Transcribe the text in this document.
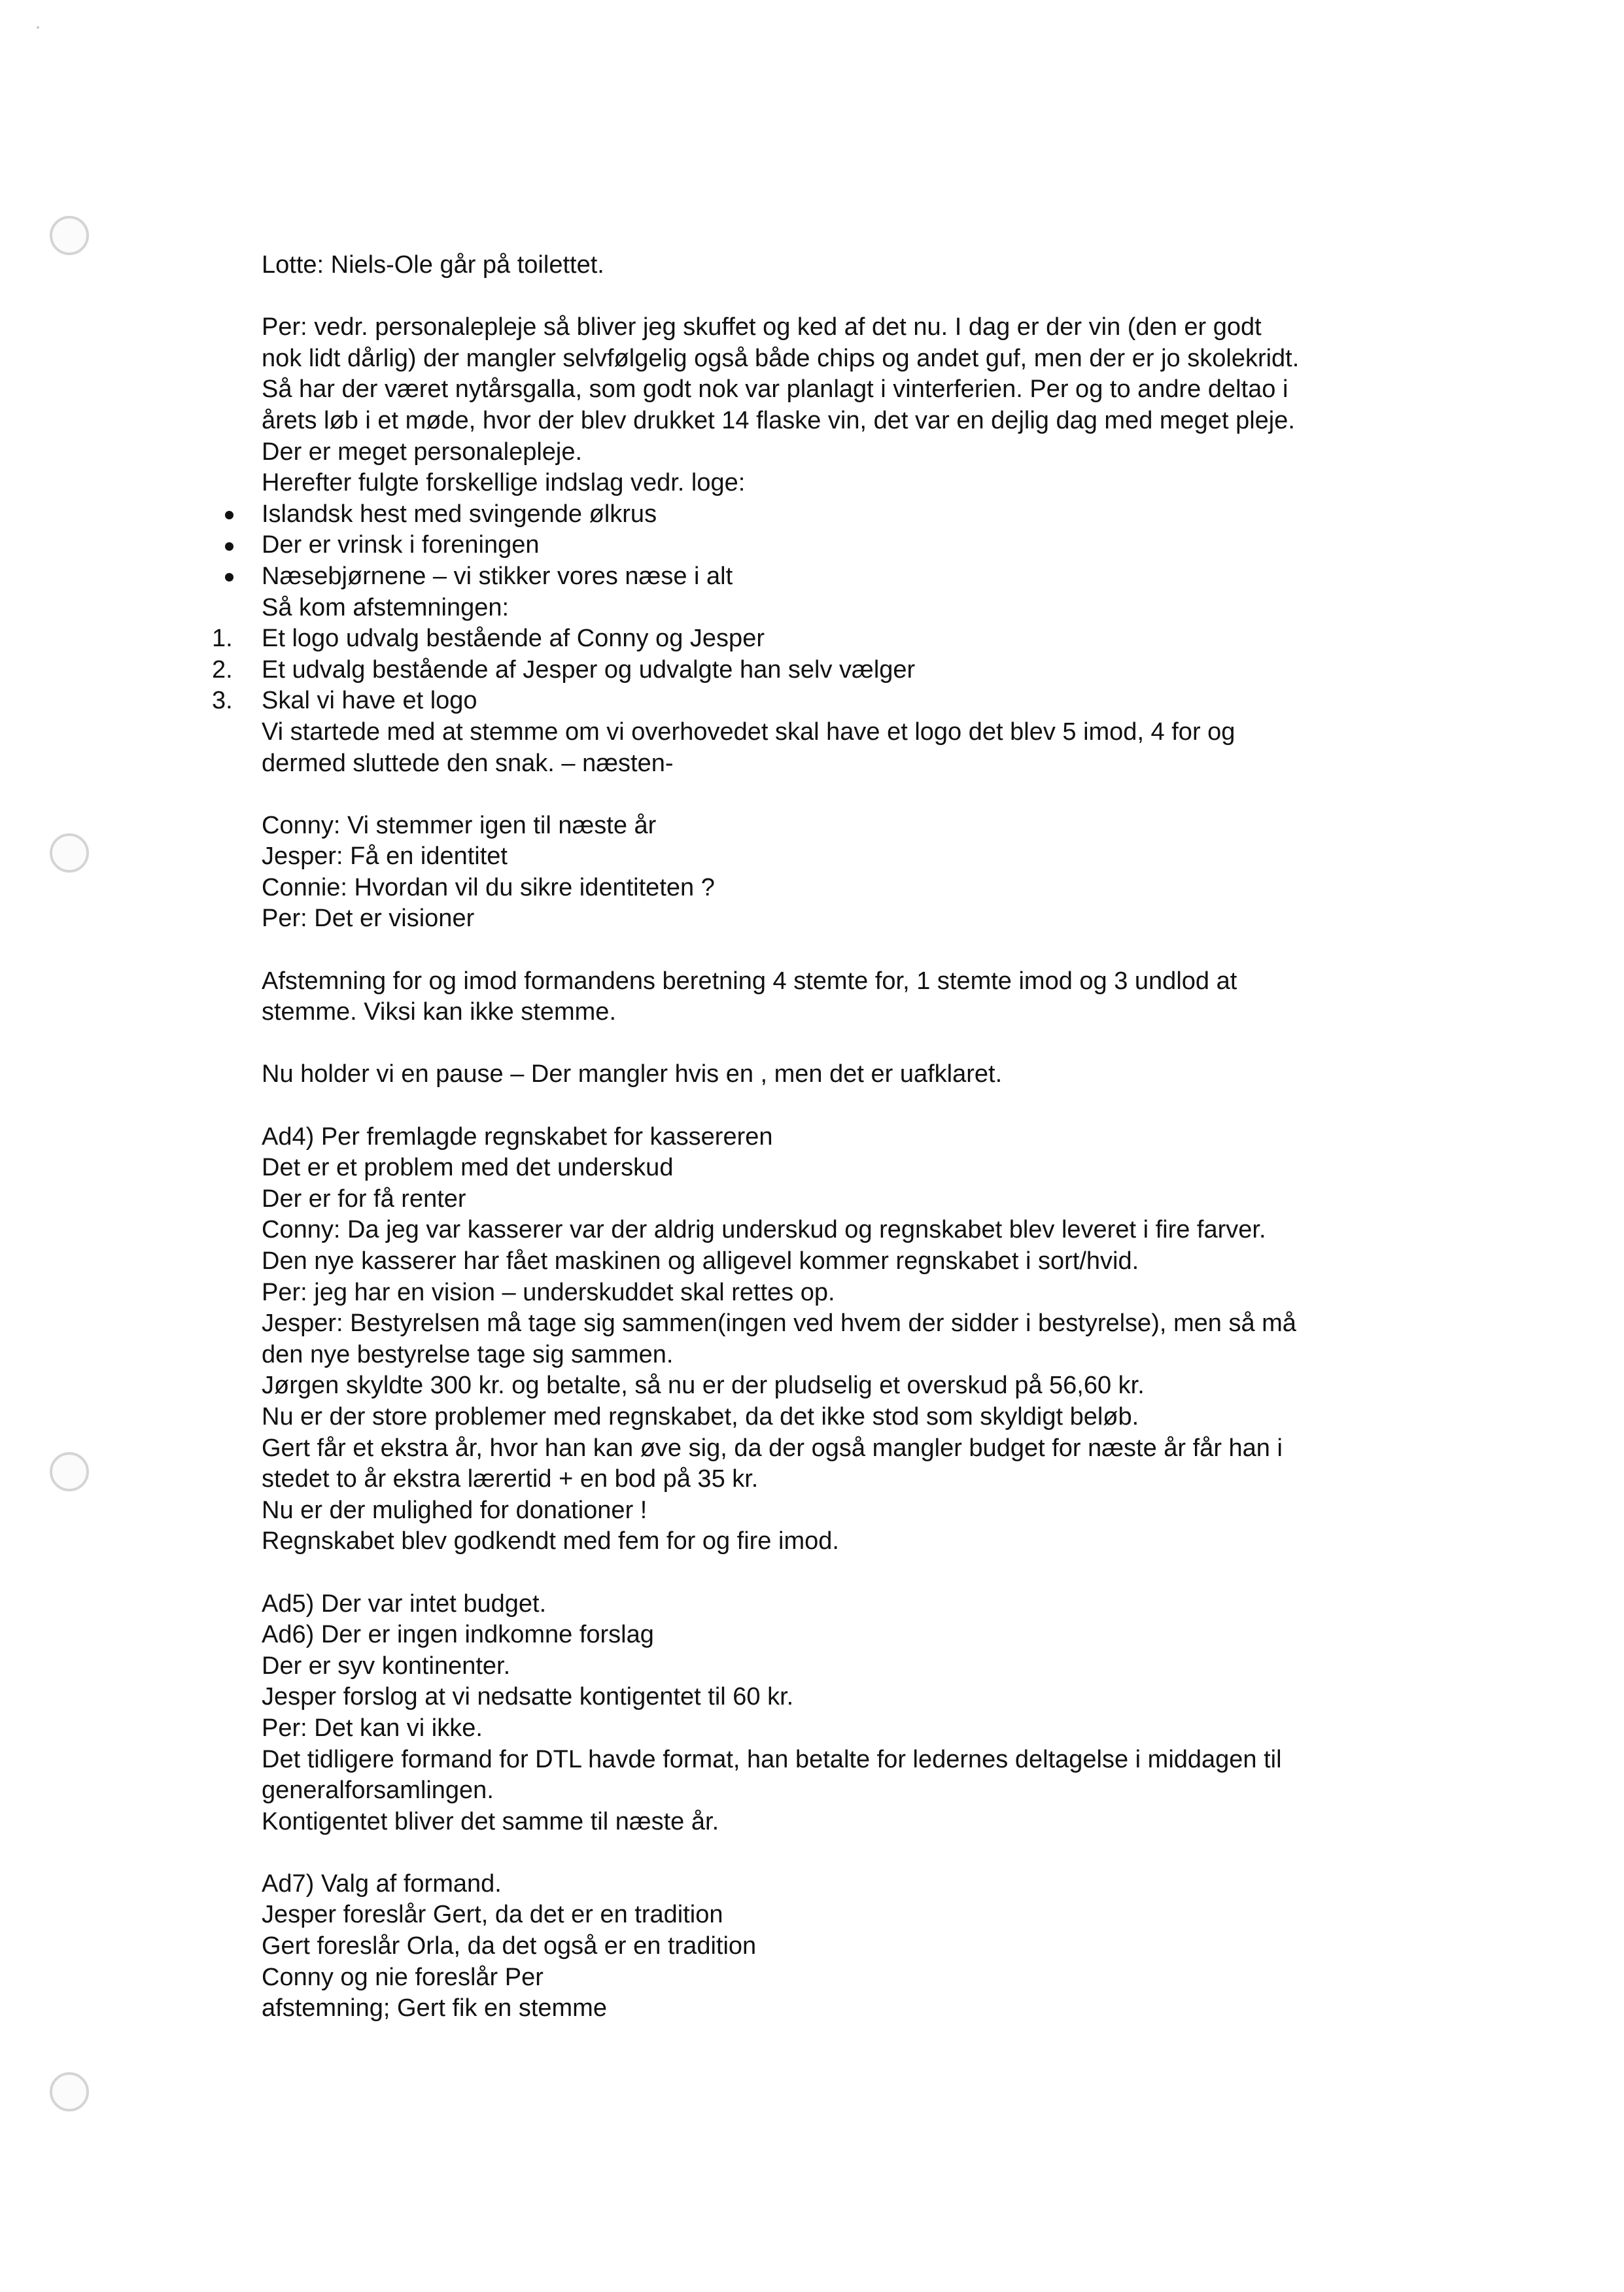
Lotte: Niels-Ole går på toilettet.
Per: vedr. personalepleje så bliver jeg skuffet og ked af det nu. I dag er der vin (den er godt
nok lidt dårlig) der mangler selvfølgelig også både chips og andet guf, men der er jo skolekridt.
Så har der været nytårsgalla, som godt nok var planlagt i vinterferien. Per og to andre deltao i
årets løb i et møde, hvor der blev drukket 14 flaske vin, det var en dejlig dag med meget pleje.
Der er meget personalepleje.
Herefter fulgte forskellige indslag vedr. loge:
Islandsk hest med svingende ølkrus
Der er vrinsk i foreningen
Næsebjørnene – vi stikker vores næse i alt
Så kom afstemningen:
1.	Et logo udvalg bestående af Conny og Jesper
2.	Et udvalg bestående af Jesper og udvalgte han selv vælger
3.	Skal vi have et logo
Vi startede med at stemme om vi overhovedet skal have et logo det blev 5 imod, 4 for og
dermed sluttede den snak. – næsten-
Conny: Vi stemmer igen til næste år
Jesper: Få en identitet
Connie: Hvordan vil du sikre identiteten ?
Per: Det er visioner
Afstemning for og imod formandens beretning 4 stemte for, 1 stemte imod og 3 undlod at
stemme. Viksi kan ikke stemme.
Nu holder vi en pause – Der mangler hvis en , men det er uafklaret.
Ad4) Per fremlagde regnskabet for kassereren
Det er et problem med det underskud
Der er for få renter
Conny: Da jeg var kasserer var der aldrig underskud og regnskabet blev leveret i fire farver.
Den nye kasserer har fået maskinen og alligevel kommer regnskabet i sort/hvid.
Per: jeg har en vision – underskuddet skal rettes op.
Jesper: Bestyrelsen må tage sig sammen(ingen ved hvem der sidder i bestyrelse), men så må
den nye bestyrelse tage sig sammen.
Jørgen skyldte 300 kr. og betalte, så nu er der pludselig et overskud på 56,60 kr.
Nu er der store problemer med regnskabet, da det ikke stod som skyldigt beløb.
Gert får et ekstra år, hvor han kan øve sig, da der også mangler budget for næste år får han i
stedet to år ekstra lærertid + en bod på 35 kr.
Nu er der mulighed for donationer !
Regnskabet blev godkendt med fem for og fire imod.
Ad5) Der var intet budget.
Ad6) Der er ingen indkomne forslag
Der er syv kontinenter.
Jesper forslog at vi nedsatte kontigentet til 60 kr.
Per: Det kan vi ikke.
Det tidligere formand for DTL havde format, han betalte for ledernes deltagelse i middagen til
generalforsamlingen.
Kontigentet bliver det samme til næste år.
Ad7) Valg af formand.
Jesper foreslår Gert, da det er en tradition
Gert foreslår Orla, da det også er en tradition
Conny og nie foreslår Per
afstemning; Gert fik en stemme
